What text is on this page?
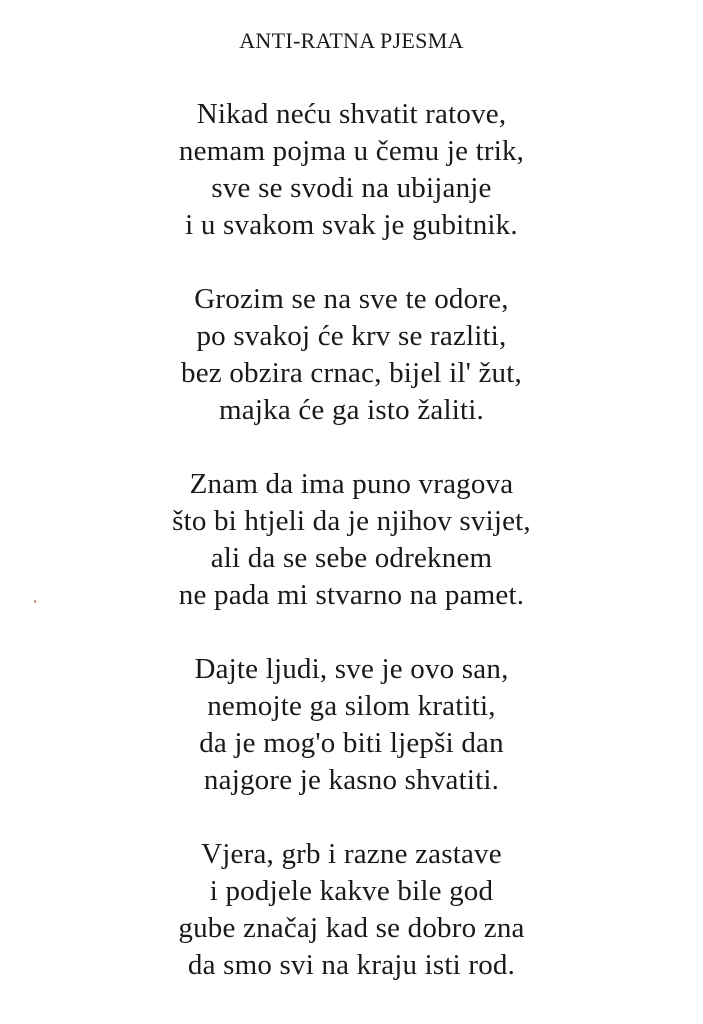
ANTI-RATNA PJESMA
Nikad neću shvatit ratove,
nemam pojma u čemu je trik,
sve se svodi na ubijanje
i u svakom svak je gubitnik.
Grozim se na sve te odore,
po svakoj će krv se razliti,
bez obzira crnac, bijel il' žut,
majka će ga isto žaliti.
Znam da ima puno vragova
što bi htjeli da je njihov svijet,
ali da se sebe odreknem
ne pada mi stvarno na pamet.
Dajte ljudi, sve je ovo san,
nemojte ga silom kratiti,
da je mog'o biti ljepši dan
najgore je kasno shvatiti.
Vjera, grb i razne zastave
i podjele kakve bile god
gube značaj kad se dobro zna
da smo svi na kraju isti rod.
